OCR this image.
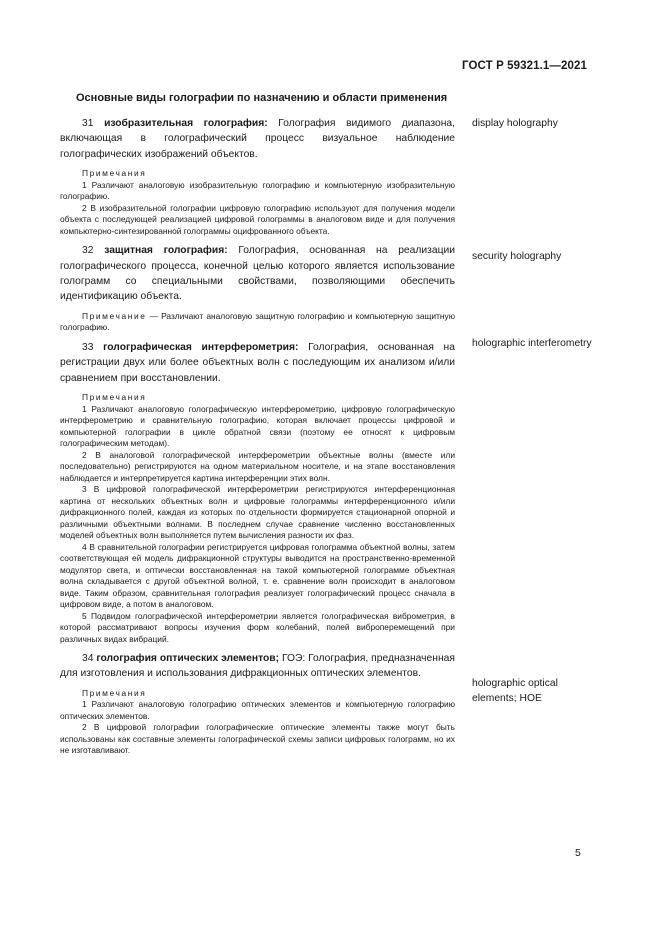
ГОСТ Р 59321.1—2021
Основные виды голографии по назначению и области применения
display holography
security holography
holographic interferometry
holographic optical elements; HOE

31 изобразительная голография: Голография видимого диапазона, включающая в голографический процесс визуальное наблюдение голографических изображений объектов.

Примечания

1 Различают аналоговую изобразительную голографию и компьютерную изобразительную голографию.

2 В изобразительной голографии цифровую голографию используют для получения модели объекта с последующей реализацией цифровой голограммы в аналоговом виде и для получения компьютерно-синтезированной голограммы оцифрованного объекта.

32 защитная голография: Голография, основанная на реализации голографического процесса, конечной целью которого является использование голограмм со специальными свойствами, позволяющими обеспечить идентификацию объекта.

Примечание — Различают аналоговую защитную голографию и компьютерную защитную голографию.

33 голографическая интерферометрия: Голография, основанная на регистрации двух или более объектных волн с последующим их анализом и/или сравнением при восстановлении.

Примечания

1 Различают аналоговую голографическую интерферометрию, цифровую голографическую интерферометрию и сравнительную голографию, которая включает процессы цифровой и компьютерной голографии в цикле обратной связи (поэтому ее относят к цифровым голографическим методам).

2 В аналоговой голографической интерферометрии объектные волны (вместе или последовательно) регистрируются на одном материальном носителе, и на этапе восстановления наблюдается и интерпретируется картина интерференции этих волн.

3 В цифровой голографической интерферометрии регистрируются интерференционная картина от нескольких объектных волн и цифровые голограммы интерференционного и/или дифракционного полей, каждая из которых по отдельности формируется стационарной опорной и различными объектными волнами. В последнем случае сравнение численно восстановленных моделей объектных волн выполняется путем вычисления разности их фаз.

4 В сравнительной голографии регистрируется цифровая голограмма объектной волны, затем соответствующая ей модель дифракционной структуры выводится на пространственно-временной модулятор света, и оптически восстановленная на такой компьютерной голограмме объектная волна складывается с другой объектной волной, т. е. сравнение волн происходит в аналоговом виде. Таким образом, сравнительная голография реализует голографический процесс сначала в цифровом виде, а потом в аналоговом.

5 Подвидом голографической интерферометрии является голографическая виброметрия, в которой рассматривают вопросы изучения форм колебаний, полей виброперемещений при различных видах вибраций.

34 голография оптических элементов; ГОЭ: Голография, предназначенная для изготовления и использования дифракционных оптических элементов.

Примечания

1 Различают аналоговую голографию оптических элементов и компьютерную голографию оптических элементов.

2 В цифровой голографии голографические оптические элементы также могут быть использованы как составные элементы голографической схемы записи цифровых голограмм, но их не изготавливают.

5
